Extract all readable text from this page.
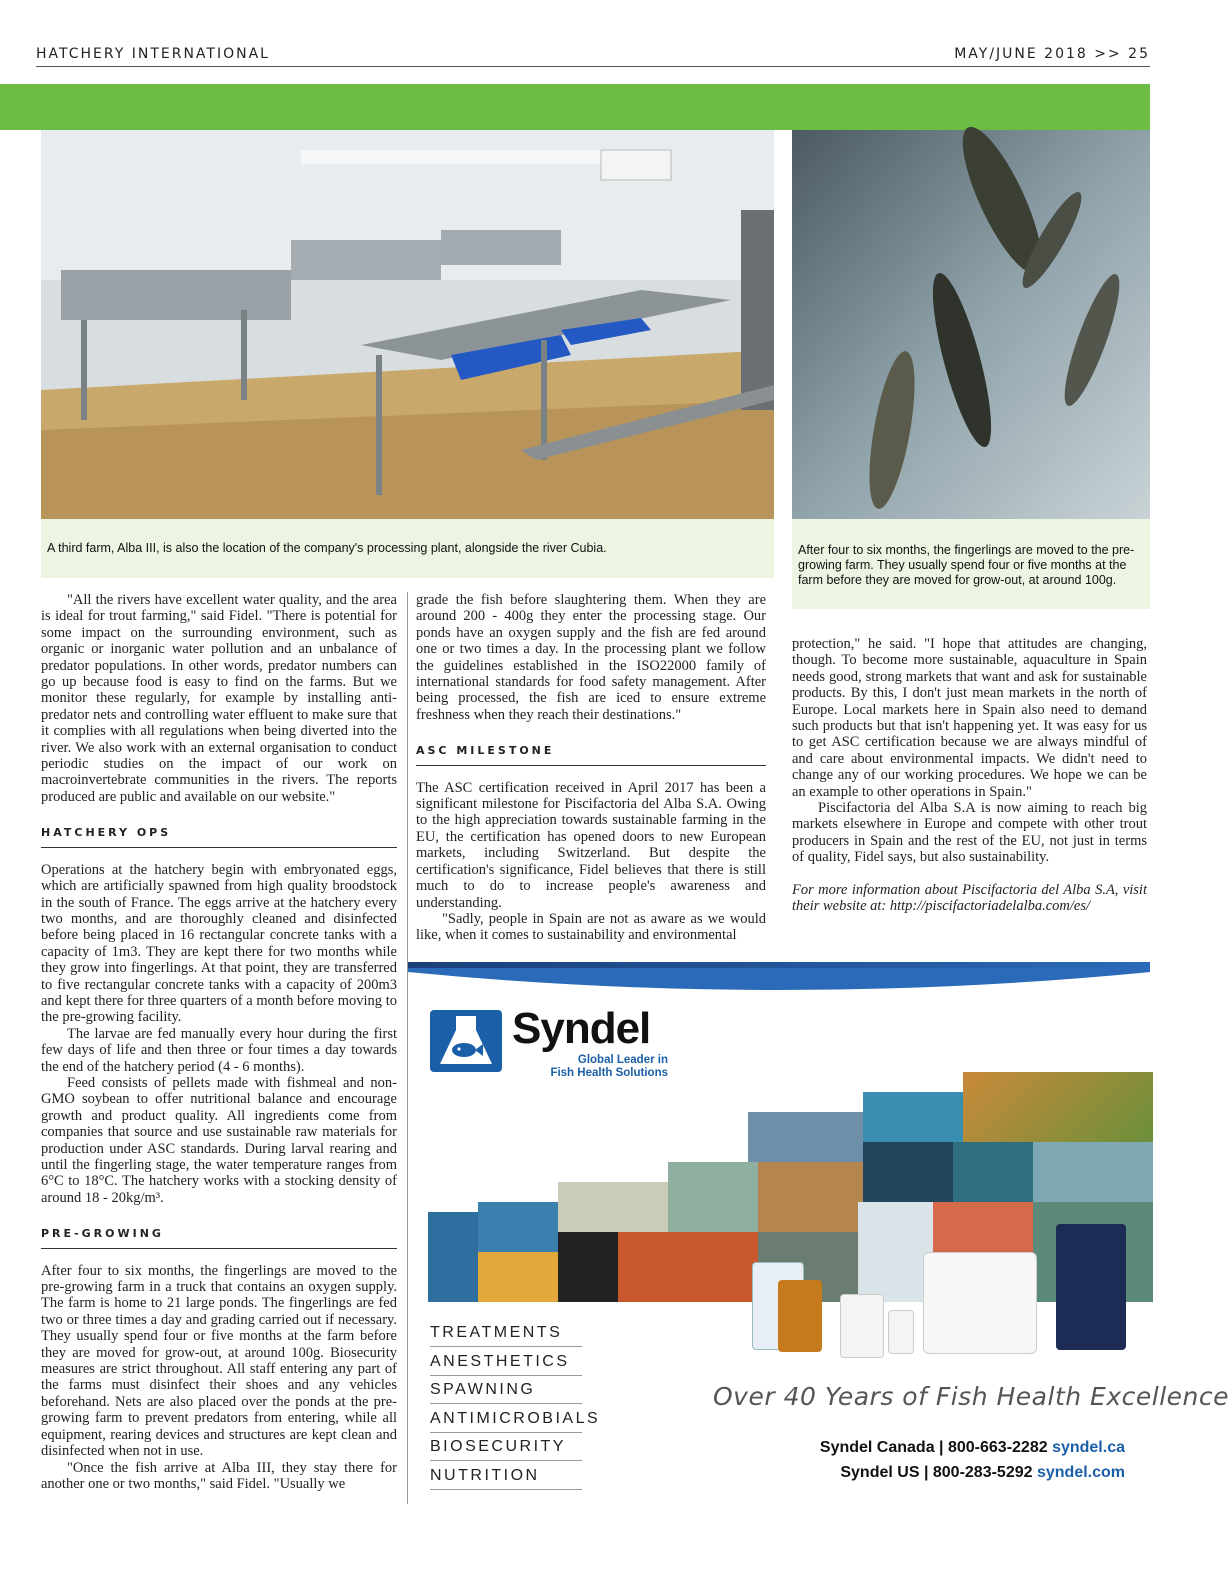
HATCHERY INTERNATIONAL	MAY/JUNE 2018 >> 25
A third farm, Alba III, is also the location of the company's processing plant, alongside the river Cubia.	After four to six months, the fingerlings are moved to the pre-growing farm. They usually spend four or five months at the farm before they are moved for grow-out, at around 100g.

"All the rivers have excellent water quality, and the area is ideal for trout farming," said Fidel. "There is potential for some impact on the surrounding environment, such as organic or inorganic water pollution and an unbalance of predator populations. In other words, predator numbers can go up because food is easy to find on the farms. But we monitor these regularly, for example by installing anti-predator nets and controlling water effluent to make sure that it complies with all regulations when being diverted into the river. We also work with an external organisation to conduct periodic studies on the impact of our work on macroinvertebrate communities in the rivers. The reports produced are public and available on our website."

HATCHERY OPS

Operations at the hatchery begin with embryonated eggs, which are artificially spawned from high quality broodstock in the south of France. The eggs arrive at the hatchery every two months, and are thoroughly cleaned and disinfected before being placed in 16 rectangular concrete tanks with a capacity of 1m3. They are kept there for two months while they grow into fingerlings. At that point, they are transferred to five rectangular concrete tanks with a capacity of 200m3 and kept there for three quarters of a month before moving to the pre-growing facility.

The larvae are fed manually every hour during the first few days of life and then three or four times a day towards the end of the hatchery period (4 - 6 months).

Feed consists of pellets made with fishmeal and non-GMO soybean to offer nutritional balance and encourage growth and product quality. All ingredients come from companies that source and use sustainable raw materials for production under ASC standards. During larval rearing and until the fingerling stage, the water temperature ranges from 6°C to 18°C. The hatchery works with a stocking density of around 18 - 20kg/m³.

PRE-GROWING

After four to six months, the fingerlings are moved to the pre-growing farm in a truck that contains an oxygen supply. The farm is home to 21 large ponds. The fingerlings are fed two or three times a day and grading carried out if necessary. They usually spend four or five months at the farm before they are moved for grow-out, at around 100g. Biosecurity measures are strict throughout. All staff entering any part of the farms must disinfect their shoes and any vehicles beforehand. Nets are also placed over the ponds at the pre-growing farm to prevent predators from entering, while all equipment, rearing devices and structures are kept clean and disinfected when not in use.

"Once the fish arrive at Alba III, they stay there for another one or two months," said Fidel. "Usually we

grade the fish before slaughtering them. When they are around 200 - 400g they enter the processing stage. Our ponds have an oxygen supply and the fish are fed around one or two times a day. In the processing plant we follow the guidelines established in the ISO22000 family of international standards for food safety management. After being processed, the fish are iced to ensure extreme freshness when they reach their destinations."

ASC MILESTONE

The ASC certification received in April 2017 has been a significant milestone for Piscifactoria del Alba S.A. Owing to the high appreciation towards sustainable farming in the EU, the certification has opened doors to new European markets, including Switzerland. But despite the certification's significance, Fidel believes that there is still much to do to increase people's awareness and understanding.

"Sadly, people in Spain are not as aware as we would like, when it comes to sustainability and environmental

protection," he said. "I hope that attitudes are changing, though. To become more sustainable, aquaculture in Spain needs good, strong markets that want and ask for sustainable products. By this, I don't just mean markets in the north of Europe. Local markets here in Spain also need to demand such products but that isn't happening yet. It was easy for us to get ASC certification because we are always mindful of and care about environmental impacts. We didn't need to change any of our working procedures. We hope we can be an example to other operations in Spain."

Piscifactoria del Alba S.A is now aiming to reach big markets elsewhere in Europe and compete with other trout producers in Spain and the rest of the EU, not just in terms of quality, Fidel says, but also sustainability.

For more information about Piscifactoria del Alba S.A, visit their website at: http://piscifactoriadelalba.com/es/

Syndel
Global Leader in
Fish Health Solutions
TREATMENTS
ANESTHETICS
SPAWNING
ANTIMICROBIALS
BIOSECURITY
NUTRITION
Over 40 Years of Fish Health Excellence
Syndel Canada | 800-663-2282 syndel.ca
Syndel US | 800-283-5292 syndel.com
